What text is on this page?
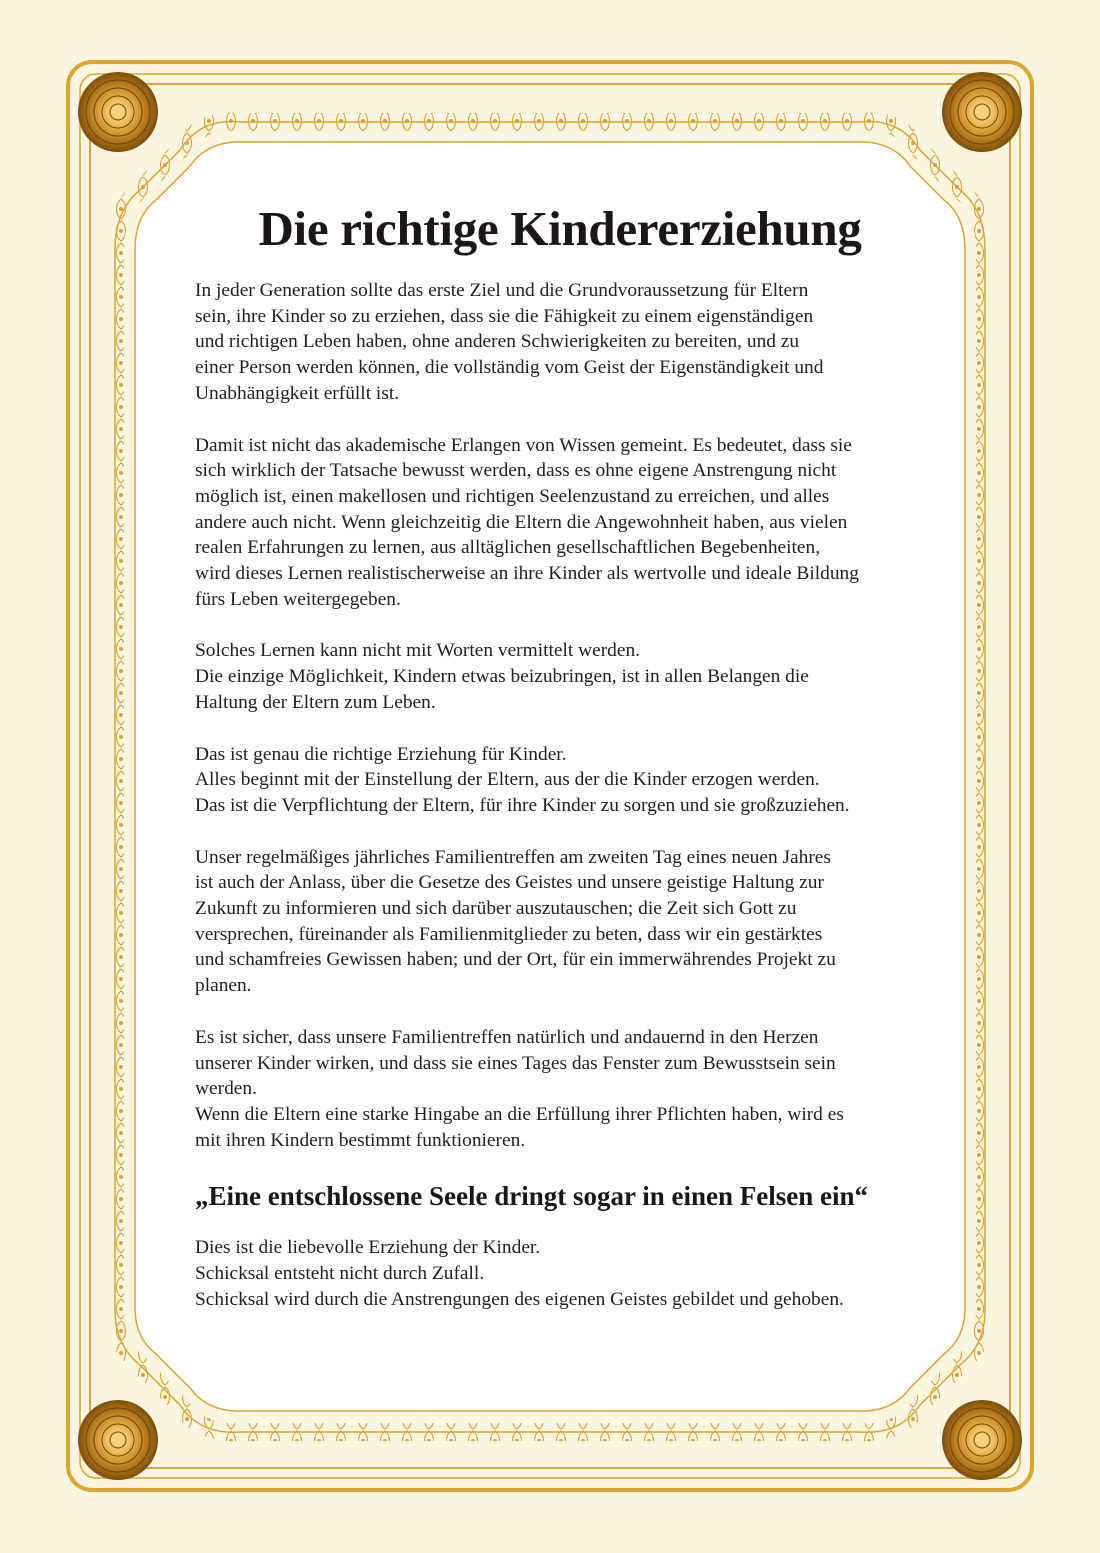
Die richtige Kindererziehung
In jeder Generation sollte das erste Ziel und die Grundvoraussetzung für Eltern
sein, ihre Kinder so zu erziehen, dass sie die Fähigkeit zu einem eigenständigen
und richtigen Leben haben, ohne anderen Schwierigkeiten zu bereiten, und zu
einer Person werden können, die vollständig vom Geist der Eigenständigkeit und
Unabhängigkeit erfüllt ist.
Damit ist nicht das akademische Erlangen von Wissen gemeint. Es bedeutet, dass sie
sich wirklich der Tatsache bewusst werden, dass es ohne eigene Anstrengung nicht
möglich ist, einen makellosen und richtigen Seelenzustand zu erreichen, und alles
andere auch nicht. Wenn gleichzeitig die Eltern die Angewohnheit haben, aus vielen
realen Erfahrungen zu lernen, aus alltäglichen gesellschaftlichen Begebenheiten,
wird dieses Lernen realistischerweise an ihre Kinder als wertvolle und ideale Bildung
fürs Leben weitergegeben.
Solches Lernen kann nicht mit Worten vermittelt werden.
Die einzige Möglichkeit, Kindern etwas beizubringen, ist in allen Belangen die
Haltung der Eltern zum Leben.
Das ist genau die richtige Erziehung für Kinder.
Alles beginnt mit der Einstellung der Eltern, aus der die Kinder erzogen werden.
Das ist die Verpflichtung der Eltern, für ihre Kinder zu sorgen und sie großzuziehen.
Unser regelmäßiges jährliches Familientreffen am zweiten Tag eines neuen Jahres
ist auch der Anlass, über die Gesetze des Geistes und unsere geistige Haltung zur
Zukunft zu informieren und sich darüber auszutauschen; die Zeit sich Gott zu
versprechen, füreinander als Familienmitglieder zu beten, dass wir ein gestärktes
und schamfreies Gewissen haben; und der Ort, für ein immerwährendes Projekt zu
planen.
Es ist sicher, dass unsere Familientreffen natürlich und andauernd in den Herzen
unserer Kinder wirken, und dass sie eines Tages das Fenster zum Bewusstsein sein
werden.
Wenn die Eltern eine starke Hingabe an die Erfüllung ihrer Pflichten haben, wird es
mit ihren Kindern bestimmt funktionieren.
„Eine entschlossene Seele dringt sogar in einen Felsen ein“
Dies ist die liebevolle Erziehung der Kinder.
Schicksal entsteht nicht durch Zufall.
Schicksal wird durch die Anstrengungen des eigenen Geistes gebildet und gehoben.
